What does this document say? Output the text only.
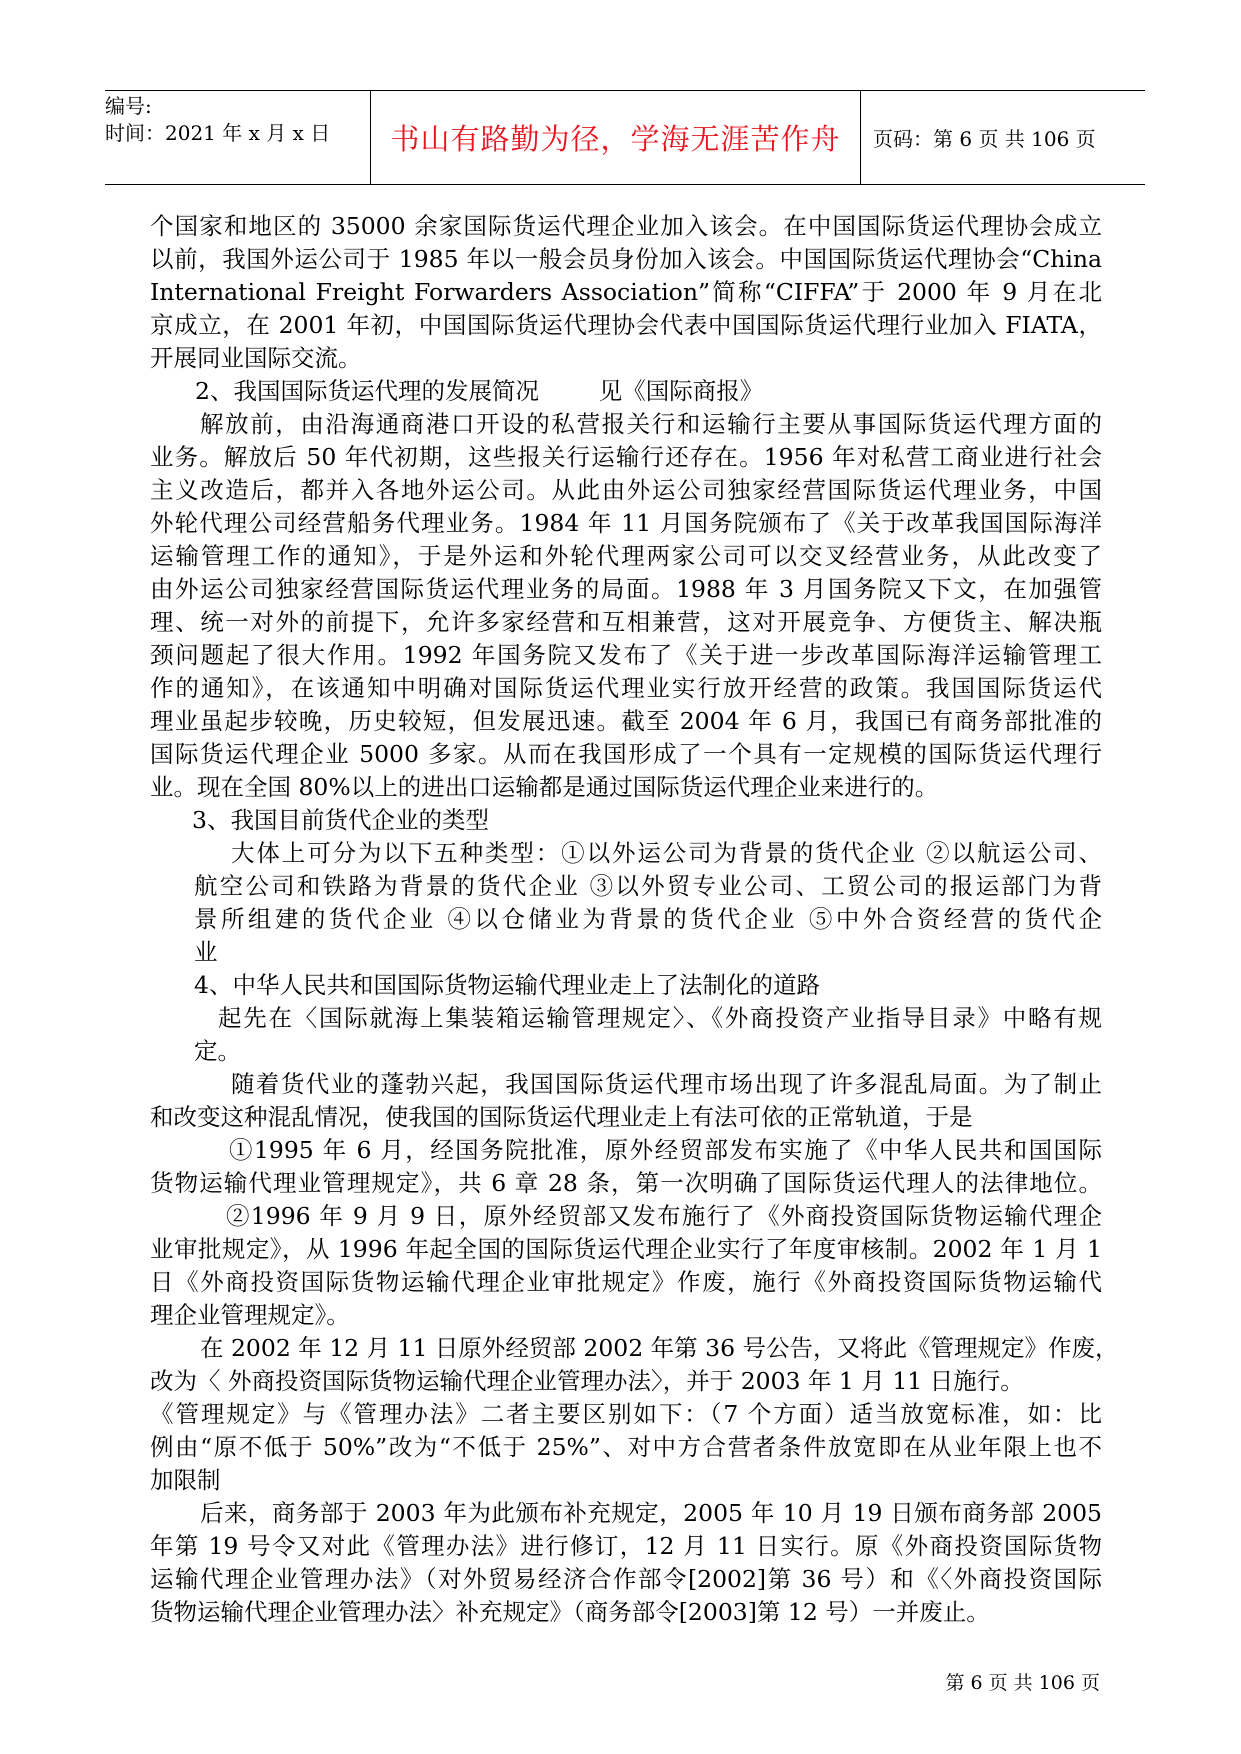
编号:
时间：2021 年 x 月 x 日	书山有路勤为径，学海无涯苦作舟 页码：第 6 页 共 106 页
个国家和地区的 35000 余家国际货运代理企业加入该会。在中国国际货运代理协会成立
以前，我国外运公司于 1985 年以一般会员身份加入该会。中国国际货运代理协会“China
International Freight Forwarders Association”简称“CIFFA”于 2000 年 9 月在北
京成立，在 2001 年初，中国国际货运代理协会代表中国国际货运代理行业加入 FIATA，
开展同业国际交流。
2、我国国际货运代理的发展简况        见《国际商报》
解放前，由沿海通商港口开设的私营报关行和运输行主要从事国际货运代理方面的
业务。解放后 50 年代初期，这些报关行运输行还存在。1956 年对私营工商业进行社会
主义改造后，都并入各地外运公司。从此由外运公司独家经营国际货运代理业务，中国
外轮代理公司经营船务代理业务。1984 年 11 月国务院颁布了《关于改革我国国际海洋
运输管理工作的通知》，于是外运和外轮代理两家公司可以交叉经营业务，从此改变了
由外运公司独家经营国际货运代理业务的局面。1988 年 3 月国务院又下文，在加强管
理、统一对外的前提下，允许多家经营和互相兼营，这对开展竞争、方便货主、解决瓶
颈问题起了很大作用。1992 年国务院又发布了《关于进一步改革国际海洋运输管理工
作的通知》，在该通知中明确对国际货运代理业实行放开经营的政策。我国国际货运代
理业虽起步较晚，历史较短，但发展迅速。截至 2004 年 6 月，我国已有商务部批准的
国际货运代理企业 5000 多家。从而在我国形成了一个具有一定规模的国际货运代理行
业。现在全国 80%以上的进出口运输都是通过国际货运代理企业来进行的。
3、我国目前货代企业的类型
大体上可分为以下五种类型：①以外运公司为背景的货代企业 ②以航运公司、
航空公司和铁路为背景的货代企业 ③以外贸专业公司、工贸公司的报运部门为背
景所组建的货代企业 ④以仓储业为背景的货代企业 ⑤中外合资经营的货代企
业
4、中华人民共和国国际货物运输代理业走上了法制化的道路
起先在〈国际就海上集装箱运输管理规定〉、《外商投资产业指导目录》中略有规
定。
随着货代业的蓬勃兴起，我国国际货运代理市场出现了许多混乱局面。为了制止
和改变这种混乱情况，使我国的国际货运代理业走上有法可依的正常轨道，于是
①1995 年 6 月，经国务院批准，原外经贸部发布实施了《中华人民共和国国际
货物运输代理业管理规定》，共 6 章 28 条，第一次明确了国际货运代理人的法律地位。
②1996 年 9 月 9 日，原外经贸部又发布施行了《外商投资国际货物运输代理企
业审批规定》，从 1996 年起全国的国际货运代理企业实行了年度审核制。2002 年 1 月 1
日《外商投资国际货物运输代理企业审批规定》作废，施行《外商投资国际货物运输代
理企业管理规定》。
在 2002 年 12 月 11 日原外经贸部 2002 年第 36 号公告，又将此《管理规定》作废，
改为〈 外商投资国际货物运输代理企业管理办法〉，并于 2003 年 1 月 11 日施行。
《管理规定》与《管理办法》二者主要区别如下：（7 个方面）适当放宽标准，如：比
例由“原不低于 50%”改为“不低于 25%”、对中方合营者条件放宽即在从业年限上也不
加限制
后来，商务部于 2003 年为此颁布补充规定，2005 年 10 月 19 日颁布商务部 2005
年第 19 号令又对此《管理办法》进行修订，12 月 11 日实行。原《外商投资国际货物
运输代理企业管理办法》（对外贸易经济合作部令[2002]第 36 号）和《〈外商投资国际
货物运输代理企业管理办法〉补充规定》（商务部令[2003]第 12 号）一并废止。

第 6 页 共 106 页
